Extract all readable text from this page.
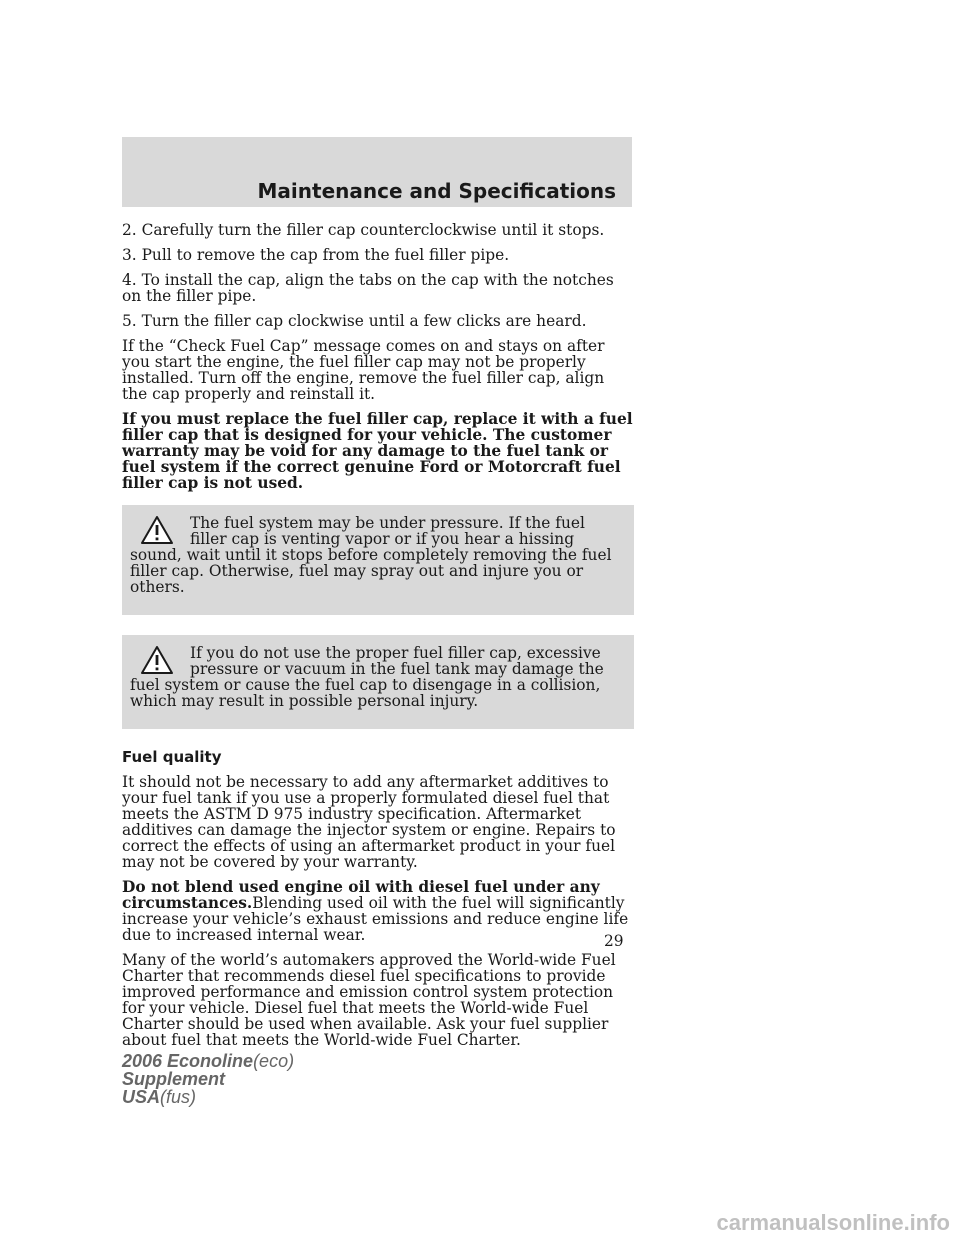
Maintenance and Specifications

2. Carefully turn the filler cap counterclockwise until it stops.

3. Pull to remove the cap from the fuel filler pipe.

4. To install the cap, align the tabs on the cap with the notches on the filler pipe.

5. Turn the filler cap clockwise until a few clicks are heard.

If the “Check Fuel Cap” message comes on and stays on after you start the engine, the fuel filler cap may not be properly installed. Turn off the engine, remove the fuel filler cap, align the cap properly and reinstall it.

If you must replace the fuel filler cap, replace it with a fuel filler cap that is designed for your vehicle. The customer warranty may be void for any damage to the fuel tank or fuel system if the correct genuine Ford or Motorcraft fuel filler cap is not used.

The fuel system may be under pressure. If the fuel filler cap is venting vapor or if you hear a hissing sound, wait until it stops before completely removing the fuel filler cap. Otherwise, fuel may spray out and injure you or others.

If you do not use the proper fuel filler cap, excessive pressure or vacuum in the fuel tank may damage the fuel system or cause the fuel cap to disengage in a collision, which may result in possible personal injury.

Fuel quality

It should not be necessary to add any aftermarket additives to your fuel tank if you use a properly formulated diesel fuel that meets the ASTM D 975 industry specification. Aftermarket additives can damage the injector system or engine. Repairs to correct the effects of using an aftermarket product in your fuel may not be covered by your warranty.

Do not blend used engine oil with diesel fuel under any circumstances.Blending used oil with the fuel will significantly increase your vehicle’s exhaust emissions and reduce engine life due to increased internal wear.

Many of the world’s automakers approved the World-wide Fuel Charter that recommends diesel fuel specifications to provide improved performance and emission control system protection for your vehicle. Diesel fuel that meets the World-wide Fuel Charter should be used when available. Ask your fuel supplier about fuel that meets the World-wide Fuel Charter.

29
2006 Econoline(eco)
Supplement
USA(fus)
carmanualsonline.info
